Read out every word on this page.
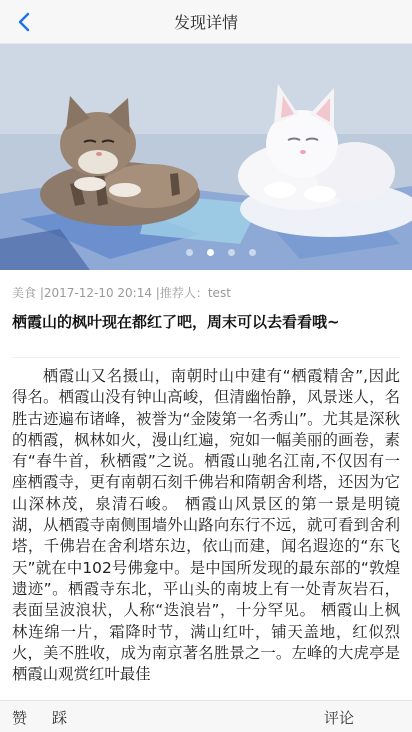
发现详情
美食 |2017-12-10 20:14 |推荐人：test
栖霞山的枫叶现在都红了吧，周末可以去看看哦~
栖霞山又名摄山，南朝时山中建有“栖霞精舍”,因此得名。栖霞山没有钟山高峻，但清幽怡静，风景迷人，名胜古迹遍布诸峰，被誉为“金陵第一名秀山”。尤其是深秋的栖霞，枫林如火，漫山红遍，宛如一幅美丽的画卷，素有“春牛首，秋栖霞”之说。栖霞山驰名江南,不仅因有一座栖霞寺，更有南朝石刻千佛岩和隋朝舍利塔，还因为它山深林茂，泉清石峻。 栖霞山风景区的第一景是明镜湖，从栖霞寺南侧围墙外山路向东行不远，就可看到舍利塔，千佛岩在舍利塔东边，依山而建，闻名遐迩的“东飞天”就在中102号佛龛中。是中国所发现的最东部的“敦煌遗迹”。栖霞寺东北，平山头的南坡上有一处青灰岩石，表面呈波浪状，人称“迭浪岩”，十分罕见。 栖霞山上枫林连绵一片，霜降时节，满山红叶，铺天盖地，红似烈火，美不胜收，成为南京著名胜景之一。左峰的大虎亭是栖霞山观赏红叶最佳
赞 踩	评论
